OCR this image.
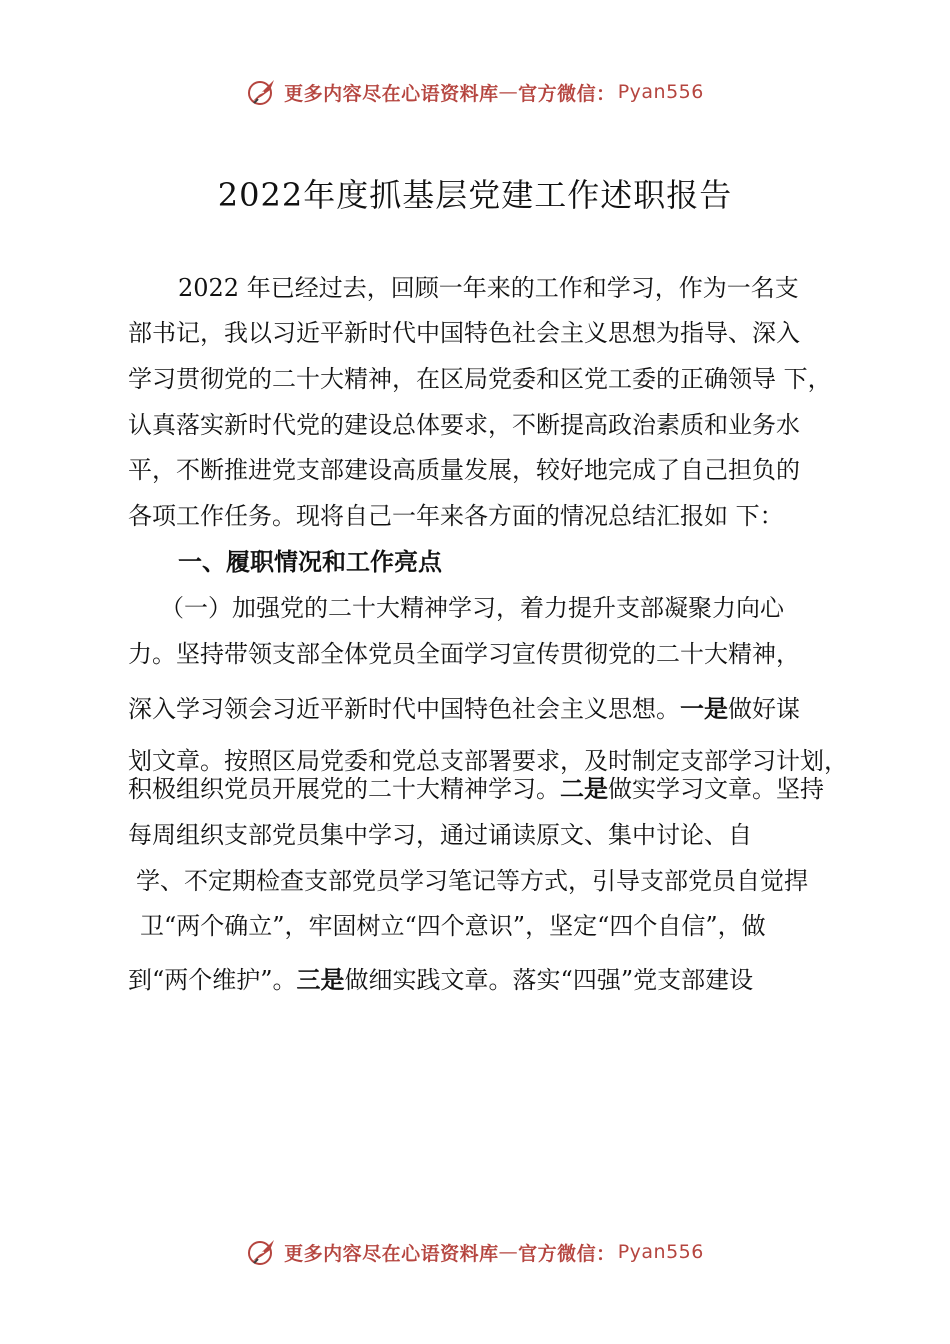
更多内容尽在心语资料库 — 官方微信： Pyan556
2022年度抓基层党建工作述职报告
2022 年已经过去，回顾一年来的工作和学习，作为一名支
部书记，我以习近平新时代中国特色社会主义思想为指导、深入
学习贯彻党的二十大精神，在区局党委和区党工委的正确领导 下，
认真落实新时代党的建设总体要求，不断提高政治素质和业务水
平，不断推进党支部建设高质量发展，较好地完成了自己担负的
各项工作任务。现将自己一年来各方面的情况总结汇报如 下：
一、履职情况和工作亮点
（一）加强党的二十大精神学习，着力提升支部凝聚力向心
力。坚持带领支部全体党员全面学习宣传贯彻党的二十大精神，
深入学习领会习近平新时代中国特色社会主义思想。一是做好谋
划文章。按照区局党委和党总支部署要求，及时制定支部学习计划，
积极组织党员开展党的二十大精神学习。二是做实学习文章。坚持
每周组织支部党员集中学习，通过诵读原文、集中讨论、自
学、不定期检查支部党员学习笔记等方式，引导支部党员自觉捍
卫“两个确立”，牢固树立“四个意识”，坚定“四个自信”，做
到“两个维护”。三是做细实践文章。落实“四强”党支部建设
更多内容尽在心语资料库 — 官方微信： Pyan556
